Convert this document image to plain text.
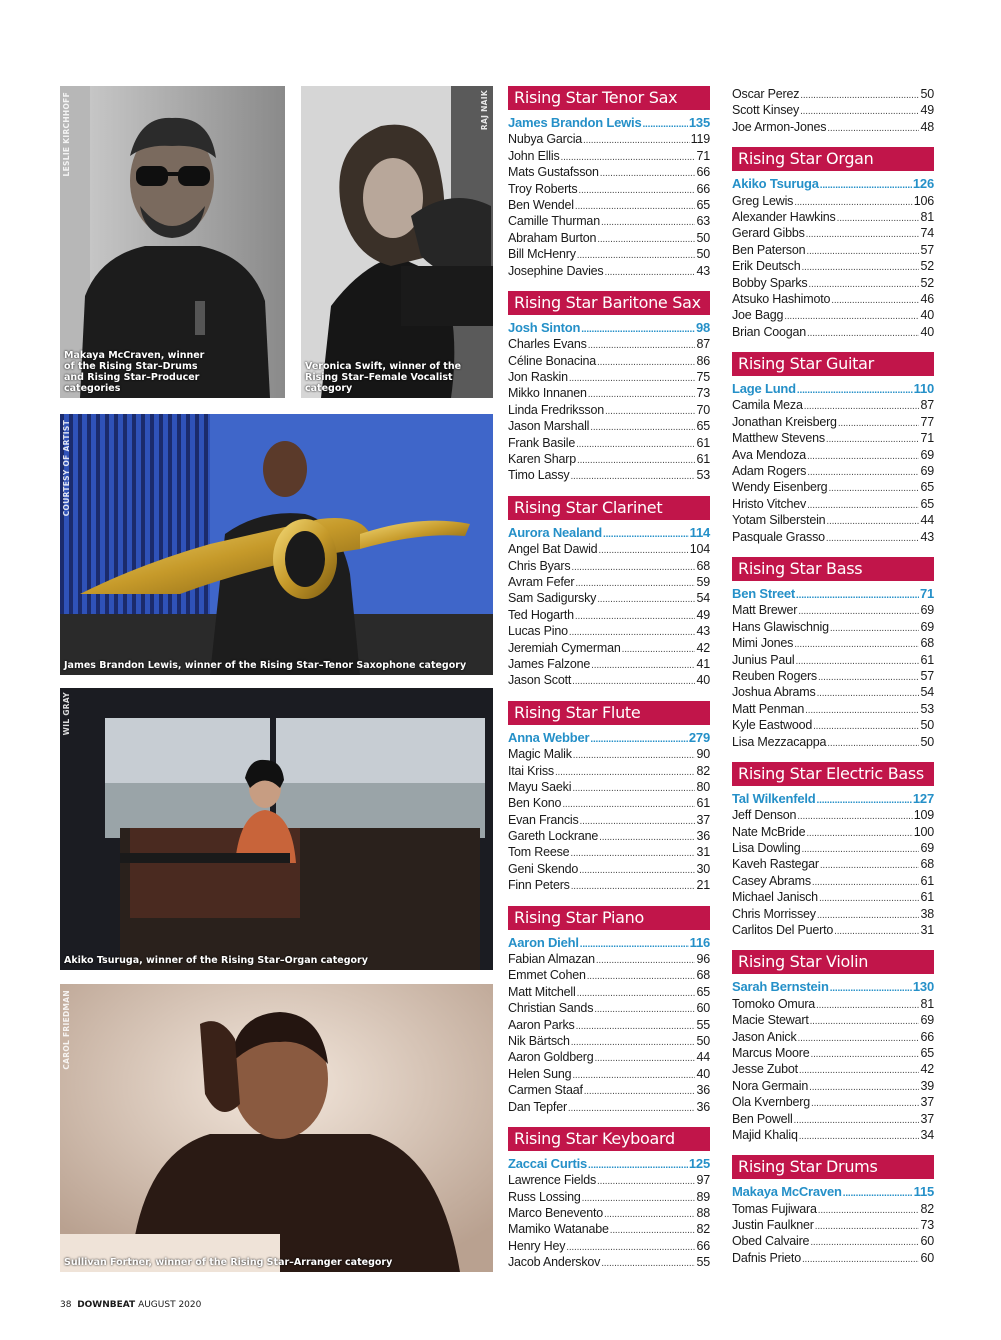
LESLIE KIRCHHOFF
Makaya McCraven, winner of the Rising Star–Drums and Rising Star–Producer categories
RAJ NAIK
Veronica Swift, winner of the Rising Star–Female Vocalist category
COURTESY OF ARTIST
James Brandon Lewis, winner of the Rising Star–Tenor Saxophone category
WIL GRAY
Akiko Tsuruga, winner of the Rising Star–Organ category
CAROL FRIEDMAN
Sullivan Fortner, winner of the Rising Star–Arranger category
Rising Star Tenor Sax
James Brandon Lewis .....	135
Nubya Garcia .....	119
John Ellis .....	71
Mats Gustafsson .....	66
Troy Roberts .....	66
Ben Wendel .....	65
Camille Thurman .....	63
Abraham Burton .....	50
Bill McHenry .....	50
Josephine Davies .....	43
Rising Star Baritone Sax
Josh Sinton .....	98
Charles Evans .....	87
Céline Bonacina .....	86
Jon Raskin .....	75
Mikko Innanen .....	73
Linda Fredriksson .....	70
Jason Marshall .....	65
Frank Basile .....	61
Karen Sharp .....	61
Timo Lassy .....	53
Rising Star Clarinet
Aurora Nealand .....	114
Angel Bat Dawid .....	104
Chris Byars .....	68
Avram Fefer .....	59
Sam Sadigursky .....	54
Ted Hogarth .....	49
Lucas Pino .....	43
Jeremiah Cymerman .....	42
James Falzone .....	41
Jason Scott .....	40
Rising Star Flute
Anna Webber .....	279
Magic Malik .....	90
Itai Kriss .....	82
Mayu Saeki .....	80
Ben Kono .....	61
Evan Francis .....	37
Gareth Lockrane .....	36
Tom Reese .....	31
Geni Skendo .....	30
Finn Peters .....	21
Rising Star Piano
Aaron Diehl .....	116
Fabian Almazan .....	96
Emmet Cohen .....	68
Matt Mitchell .....	65
Christian Sands .....	60
Aaron Parks .....	55
Nik Bärtsch .....	50
Aaron Goldberg .....	44
Helen Sung .....	40
Carmen Staaf .....	36
Dan Tepfer .....	36
Rising Star Keyboard
Zaccai Curtis .....	125
Lawrence Fields .....	97
Russ Lossing .....	89
Marco Benevento .....	88
Mamiko Watanabe .....	82
Henry Hey .....	66
Jacob Anderskov .....	55
Oscar Perez .....	50
Scott Kinsey .....	49
Joe Armon-Jones .....	48
Rising Star Organ
Akiko Tsuruga .....	126
Greg Lewis .....	106
Alexander Hawkins .....	81
Gerard Gibbs .....	74
Ben Paterson .....	57
Erik Deutsch .....	52
Bobby Sparks .....	52
Atsuko Hashimoto .....	46
Joe Bagg .....	40
Brian Coogan .....	40
Rising Star Guitar
Lage Lund .....	110
Camila Meza .....	87
Jonathan Kreisberg .....	77
Matthew Stevens .....	71
Ava Mendoza .....	69
Adam Rogers .....	69
Wendy Eisenberg .....	65
Hristo Vitchev .....	65
Yotam Silberstein .....	44
Pasquale Grasso .....	43
Rising Star Bass
Ben Street .....	71
Matt Brewer .....	69
Hans Glawischnig .....	69
Mimi Jones .....	68
Junius Paul .....	61
Reuben Rogers .....	57
Joshua Abrams .....	54
Matt Penman .....	53
Kyle Eastwood .....	50
Lisa Mezzacappa .....	50
Rising Star Electric Bass
Tal Wilkenfeld .....	127
Jeff Denson .....	109
Nate McBride .....	100
Lisa Dowling .....	69
Kaveh Rastegar .....	68
Casey Abrams .....	61
Michael Janisch .....	61
Chris Morrissey .....	38
Carlitos Del Puerto .....	31
Rising Star Violin
Sarah Bernstein .....	130
Tomoko Omura .....	81
Macie Stewart .....	69
Jason Anick .....	66
Marcus Moore .....	65
Jesse Zubot .....	42
Nora Germain .....	39
Ola Kvernberg .....	37
Ben Powell .....	37
Majid Khaliq .....	34
Rising Star Drums
Makaya McCraven .....	115
Tomas Fujiwara .....	82
Justin Faulkner .....	73
Obed Calvaire .....	60
Dafnis Prieto .....	60
38 DOWNBEAT AUGUST 2020
